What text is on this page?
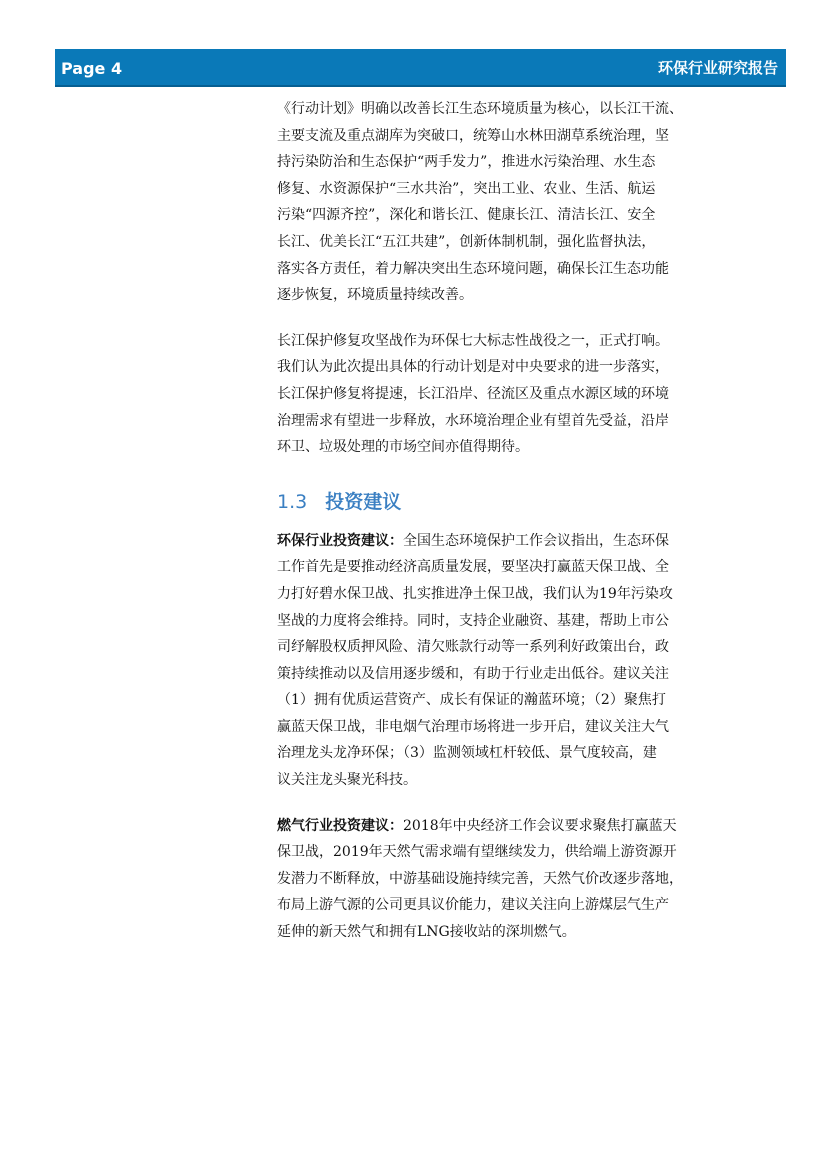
Page 4	环保行业研究报告

《行动计划》明确以改善长江生态环境质量为核心，以长江干流、
主要支流及重点湖库为突破口，统筹山水林田湖草系统治理，坚
持污染防治和生态保护“两手发力”，推进水污染治理、水生态
修复、水资源保护“三水共治”，突出工业、农业、生活、航运
污染“四源齐控”，深化和谐长江、健康长江、清洁长江、安全
长江、优美长江“五江共建”，创新体制机制，强化监督执法，
落实各方责任，着力解决突出生态环境问题，确保长江生态功能
逐步恢复，环境质量持续改善。

长江保护修复攻坚战作为环保七大标志性战役之一，正式打响。
我们认为此次提出具体的行动计划是对中央要求的进一步落实，
长江保护修复将提速，长江沿岸、径流区及重点水源区域的环境
治理需求有望进一步释放，水环境治理企业有望首先受益，沿岸
环卫、垃圾处理的市场空间亦值得期待。

1.3 投资建议

环保行业投资建议：全国生态环境保护工作会议指出，生态环保
工作首先是要推动经济高质量发展，要坚决打赢蓝天保卫战、全
力打好碧水保卫战、扎实推进净土保卫战，我们认为19年污染攻
坚战的力度将会维持。同时，支持企业融资、基建，帮助上市公
司纾解股权质押风险、清欠账款行动等一系列利好政策出台，政
策持续推动以及信用逐步缓和，有助于行业走出低谷。建议关注
（1）拥有优质运营资产、成长有保证的瀚蓝环境；（2）聚焦打
赢蓝天保卫战，非电烟气治理市场将进一步开启，建议关注大气
治理龙头龙净环保；（3）监测领域杠杆较低、景气度较高，建
议关注龙头聚光科技。

燃气行业投资建议：2018年中央经济工作会议要求聚焦打赢蓝天
保卫战，2019年天然气需求端有望继续发力，供给端上游资源开
发潜力不断释放，中游基础设施持续完善，天然气价改逐步落地，
布局上游气源的公司更具议价能力，建议关注向上游煤层气生产
延伸的新天然气和拥有LNG接收站的深圳燃气。
